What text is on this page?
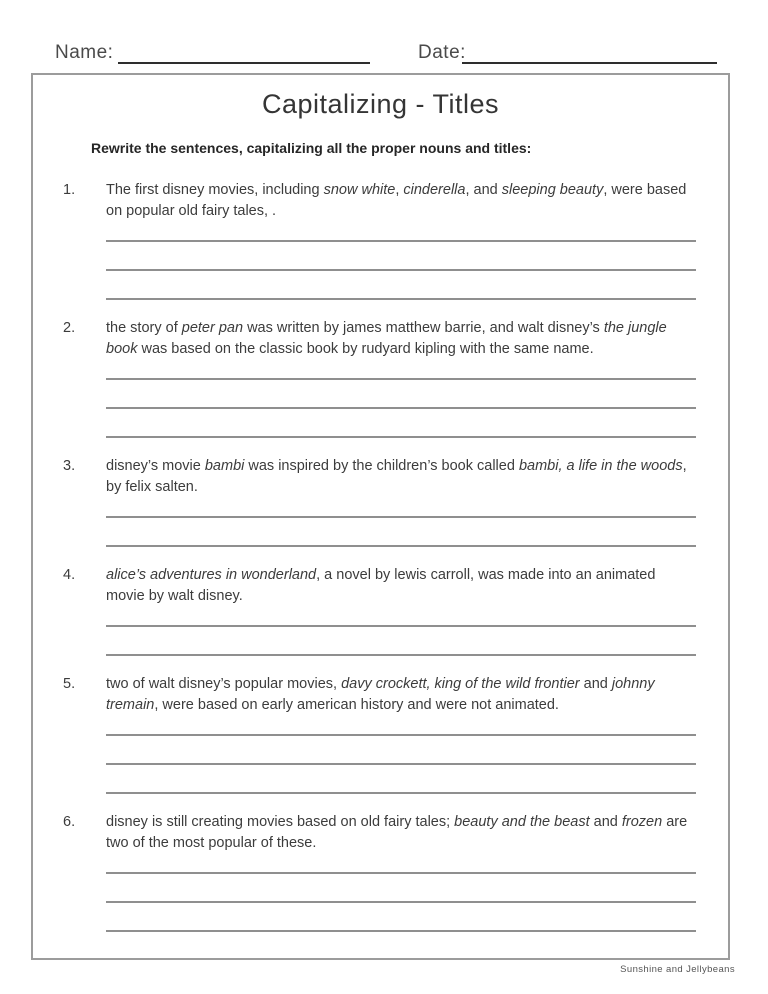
Name:	Date:
Capitalizing - Titles
Rewrite the sentences, capitalizing all the proper nouns and titles:
1.	The first disney movies, including snow white, cinderella, and sleeping beauty, were based on popular old fairy tales, .

2.	the story of peter pan was written by james matthew barrie, and walt disney’s the jungle book was based on the classic book by rudyard kipling with the same name.

3.	disney’s movie bambi was inspired by the children’s book called bambi, a life in the woods, by felix salten.

4.	alice’s adventures in wonderland, a novel by lewis carroll, was made into an animated movie by walt disney.

5.	two of walt disney’s popular movies, davy crockett, king of the wild frontier and johnny tremain, were based on early american history and were not animated.

6.	disney is still creating movies based on old fairy tales; beauty and the beast and frozen are two of the most popular of these.

Sunshine and Jellybeans
